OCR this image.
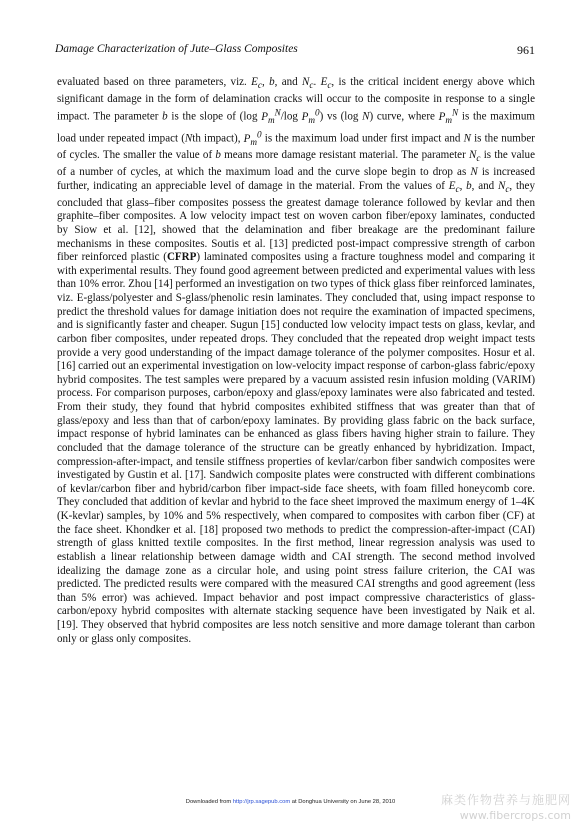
Damage Characterization of Jute–Glass Composites	961

evaluated based on three parameters, viz. $E_c$, b, and $N_c$. $E_c$, is the critical incident energy above which significant damage in the form of delamination cracks will occur to the composite in response to a single impact. The parameter b is the slope of (log $P_m^N/\log$ $P_m^0$) vs (log N) curve, where $P_m^N$ is the maximum load under repeated impact (Nth impact), $P_m^0$ is the maximum load under first impact and N is the number of cycles. The smaller the value of b means more damage resistant material. The parameter $N_c$ is the value of a number of cycles, at which the maximum load and the curve slope begin to drop as N is increased further, indicating an appreciable level of damage in the material. From the values of $E_c$, b, and $N_c$, they concluded that glass–fiber composites possess the greatest damage tolerance followed by kevlar and then graphite–fiber composites. A low velocity impact test on woven carbon fiber/epoxy laminates, conducted by Siow et al. [12], showed that the delamination and fiber breakage are the predominant failure mechanisms in these composites. Soutis et al. [13] predicted post-impact compressive strength of carbon fiber reinforced plastic (CFRP) laminated composites using a fracture toughness model and comparing it with experimental results. They found good agreement between predicted and experimental values with less than 10% error. Zhou [14] performed an investigation on two types of thick glass fiber reinforced laminates, viz. E-glass/polyester and S-glass/phenolic resin laminates. They concluded that, using impact response to predict the threshold values for damage initiation does not require the examination of impacted specimens, and is significantly faster and cheaper. Sugun [15] conducted low velocity impact tests on glass, kevlar, and carbon fiber composites, under repeated drops. They concluded that the repeated drop weight impact tests provide a very good understanding of the impact damage tolerance of the polymer composites. Hosur et al. [16] carried out an experimental investigation on low-velocity impact response of carbon-glass fabric/epoxy hybrid composites. The test samples were prepared by a vacuum assisted resin infusion molding (VARIM) process. For comparison purposes, carbon/epoxy and glass/epoxy laminates were also fabricated and tested. From their study, they found that hybrid composites exhibited stiffness that was greater than that of glass/epoxy and less than that of carbon/epoxy laminates. By providing glass fabric on the back surface, impact response of hybrid laminates can be enhanced as glass fibers having higher strain to failure. They concluded that the damage tolerance of the structure can be greatly enhanced by hybridization. Impact, compression-after-impact, and tensile stiffness properties of kevlar/carbon fiber sandwich composites were investigated by Gustin et al. [17]. Sandwich composite plates were constructed with different combinations of kevlar/carbon fiber and hybrid/carbon fiber impact-side face sheets, with foam filled honeycomb core. They concluded that addition of kevlar and hybrid to the face sheet improved the maximum energy of 1–4K (K-kevlar) samples, by 10% and 5% respectively, when compared to composites with carbon fiber (CF) at the face sheet. Khondker et al. [18] proposed two methods to predict the compression-after-impact (CAI) strength of glass knitted textile composites. In the first method, linear regression analysis was used to establish a linear relationship between damage width and CAI strength. The second method involved idealizing the damage zone as a circular hole, and using point stress failure criterion, the CAI was predicted. The predicted results were compared with the measured CAI strengths and good agreement (less than 5% error) was achieved. Impact behavior and post impact compressive characteristics of glass-carbon/epoxy hybrid composites with alternate stacking sequence have been investigated by Naik et al. [19]. They observed that hybrid composites are less notch sensitive and more damage tolerant than carbon only or glass only composites.

Downloaded from http://jrp.sagepub.com at Donghua University on June 28, 2010	麻类作物营养与施肥网
www.fibercrops.com
